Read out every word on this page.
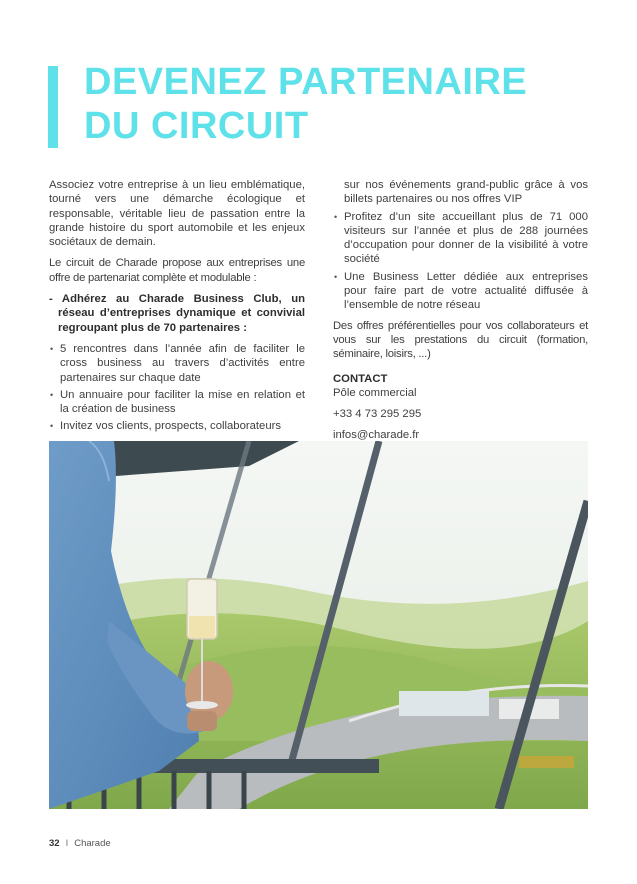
DEVENEZ PARTENAIRE
DU CIRCUIT

Associez votre entreprise à un lieu emblématique, tourné vers une démarche écologique et responsable, véritable lieu de passation entre la grande histoire du sport automobile et les enjeux sociétaux de demain.

Le circuit de Charade propose aux entreprises une offre de partenariat complète et modulable :

- Adhérez au Charade Business Club, un réseau d’entreprises dynamique et convivial regroupant plus de 70 partenaires :

• 5 rencontres dans l’année afin de faciliter le cross business au travers d’activités entre partenaires sur chaque date
• Un annuaire pour faciliter la mise en relation et la création de business
• Invitez vos clients, prospects, collaborateurs
sur nos événements grand-public grâce à vos billets partenaires ou nos offres VIP
• Profitez d’un site accueillant plus de 71 000 visiteurs sur l’année et plus de 288 journées d’occupation pour donner de la visibilité à votre société
• Une Business Letter dédiée aux entreprises pour faire part de votre actualité diffusée à l’ensemble de notre réseau

Des offres préférentielles pour vos collaborateurs et vous sur les prestations du circuit (formation, séminaire, loisirs, ...)

CONTACT

Pôle commercial

+33 4 73 295 295

infos@charade.fr

32 I Charade
